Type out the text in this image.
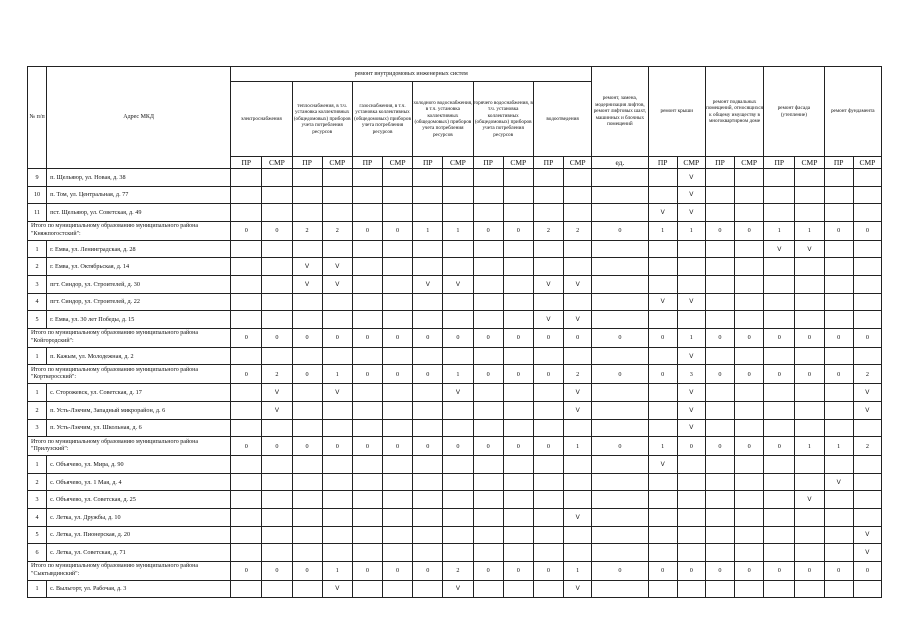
№ п/п	Адрес МКД	ремонт внутридомовых инженерных систем												ремонт, замена, модернизация лифтов, ремонт лифтовых шахт, машинных и блочных помещений	ремонт крыши		ремонт подвальных помещений, относящихся к общему имуществу в многоквартирном доме		ремонт фасада (утепление)		ремонт фундамента	
		электроснабжения		теплоснабжения, в т.ч. установка коллективных (общедомовых) приборов учета потребления ресурсов		газоснабжения, в т.ч. установка коллективных (общедомовых) приборов учета потребления ресурсов		холодного водоснабжения, в т.ч. установка коллективных (общедомовых) приборов учета потребления ресурсов		горячего водоснабжения, в т.ч. установка коллективных (общедомовых) приборов учета потребления ресурсов		водоотведения										
		ПР	СМР	ПР	СМР	ПР	СМР	ПР	СМР	ПР	СМР	ПР	СМР	ед.	ПР	СМР	ПР	СМР	ПР	СМР	ПР	СМР
9	п. Щельяюр, ул. Новая, д. 38															V						
10	п. Том, ул. Центральная, д. 77															V						
11	пст. Щельяюр, ул. Советская, д. 49														V	V						
Итого по муниципальному образованию муниципального района "Княжпогостский":		0	0	2	2	0	0	1	1	0	0	2	2	0	1	1	0	0	1	1	0	0
1	г. Емва, ул. Ленинградская, д. 28																		V	V		
2	г. Емва, ул. Октябрьская, д. 14			V	V																	
3	пгт. Синдор, ул. Строителей, д. 30			V	V			V	V			V	V									
4	пгт. Синдор, ул. Строителей, д. 22														V	V						
5	г. Емва, ул. 30 лет Победы, д. 15											V	V									
Итого по муниципальному образованию муниципального района "Койгородский":		0	0	0	0	0	0	0	0	0	0	0	0	0	0	1	0	0	0	0	0	0
1	п. Кажым, ул. Молодежная, д. 2															V						
Итого по муниципальному образованию муниципального района "Корткеросский":		0	2	0	1	0	0	0	1	0	0	0	2	0	0	3	0	0	0	0	0	2
1	с. Сторожевск, ул. Советская, д. 17		V		V				V				V			V						V
2	п. Усть-Лэкчим, Западный микрорайон, д. 6		V										V			V						V
3	п. Усть-Лэкчим, ул. Школьная, д. 6															V						
Итого по муниципальному образованию муниципального района "Прилузский":		0	0	0	0	0	0	0	0	0	0	0	1	0	1	0	0	0	0	1	1	2
1	с. Объячево, ул. Мира, д. 90														V							
2	с. Объячево, ул. 1 Мая, д. 4																				V	
3	с. Объячево, ул. Советская, д. 25																			V		
4	с. Летка, ул. Дружбы, д. 10												V									
5	с. Летка, ул. Пионерская, д. 20																					V
6	с. Летка, ул. Советская, д. 71																					V
Итого по муниципальному образованию муниципального района "Сыктывдинский":		0	0	0	1	0	0	0	2	0	0	0	1	0	0	0	0	0	0	0	0	0
1	с. Выльгорт, ул. Рабочая, д. 3				V				V				V									
